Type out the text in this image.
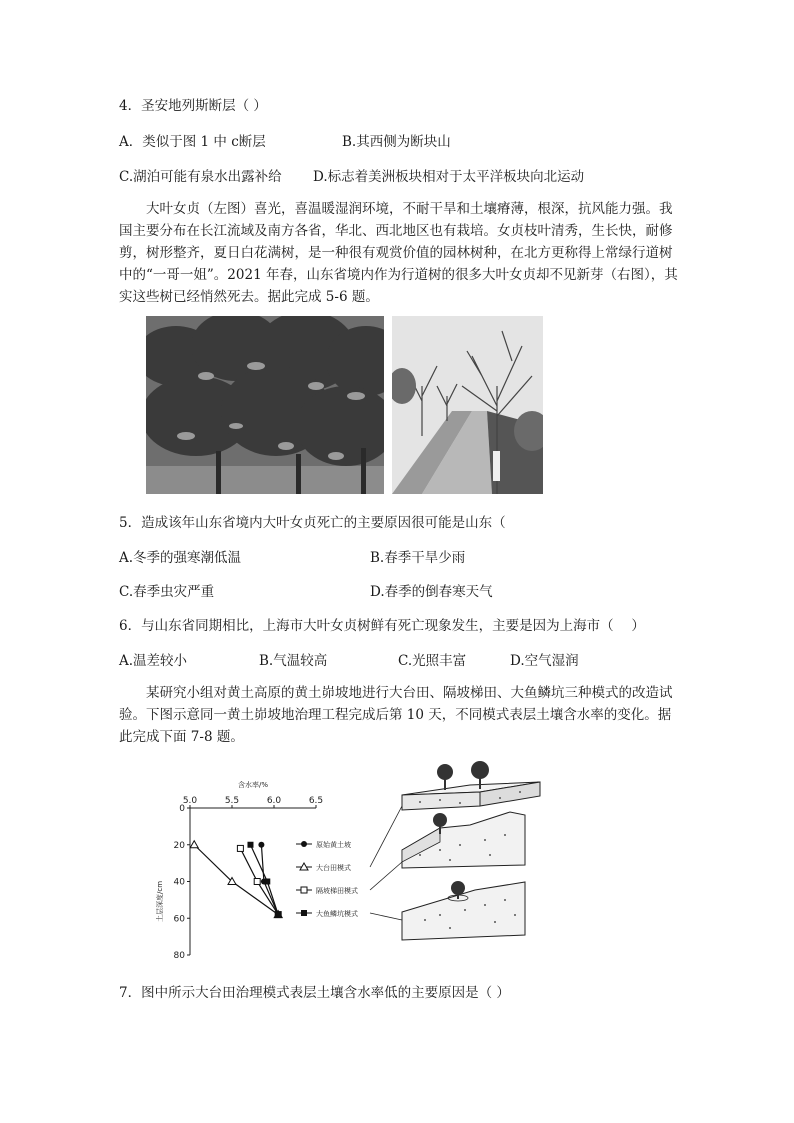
4．圣安地列斯断层（ ）
A．类似于图 1 中 c断层	B.其西侧为断块山
C.湖泊可能有泉水出露补给 D.标志着美洲板块相对于太平洋板块向北运动
大叶女贞（左图）喜光，喜温暖湿润环境，不耐干旱和土壤瘠薄，根深，抗风能力强。我国主要分布在长江流域及南方各省，华北、西北地区也有栽培。女贞枝叶清秀，生长快，耐修剪，树形整齐，夏日白花满树，是一种很有观赏价值的园林树种，在北方更称得上常绿行道树中的“一哥一姐”。2021 年春，山东省境内作为行道树的很多大叶女贞却不见新芽（右图），其实这些树已经悄然死去。据此完成 5-6 题。
5．造成该年山东省境内大叶女贞死亡的主要原因很可能是山东（
A.冬季的强寒潮低温	B.春季干旱少雨
C.春季虫灾严重	D.春季的倒春寒天气
6．与山东省同期相比，上海市大叶女贞树鲜有死亡现象发生，主要是因为上海市（　 ）
A.温差较小	B.气温较高	C.光照丰富	D.空气湿润
某研究小组对黄土高原的黄土峁坡地进行大台田、隔坡梯田、大鱼鳞坑三种模式的改造试验。下图示意同一黄土峁坡地治理工程完成后第 10 天，不同模式表层土壤含水率的变化。据此完成下面 7-8 题。
5.0	5.5	6.0	6.5
0
20
40
60
80
含水率/%
土层深度/cm
原始黄土坡
大台田模式
隔坡梯田模式
大鱼鳞坑模式
7．图中所示大台田治理模式表层土壤含水率低的主要原因是（ ）
